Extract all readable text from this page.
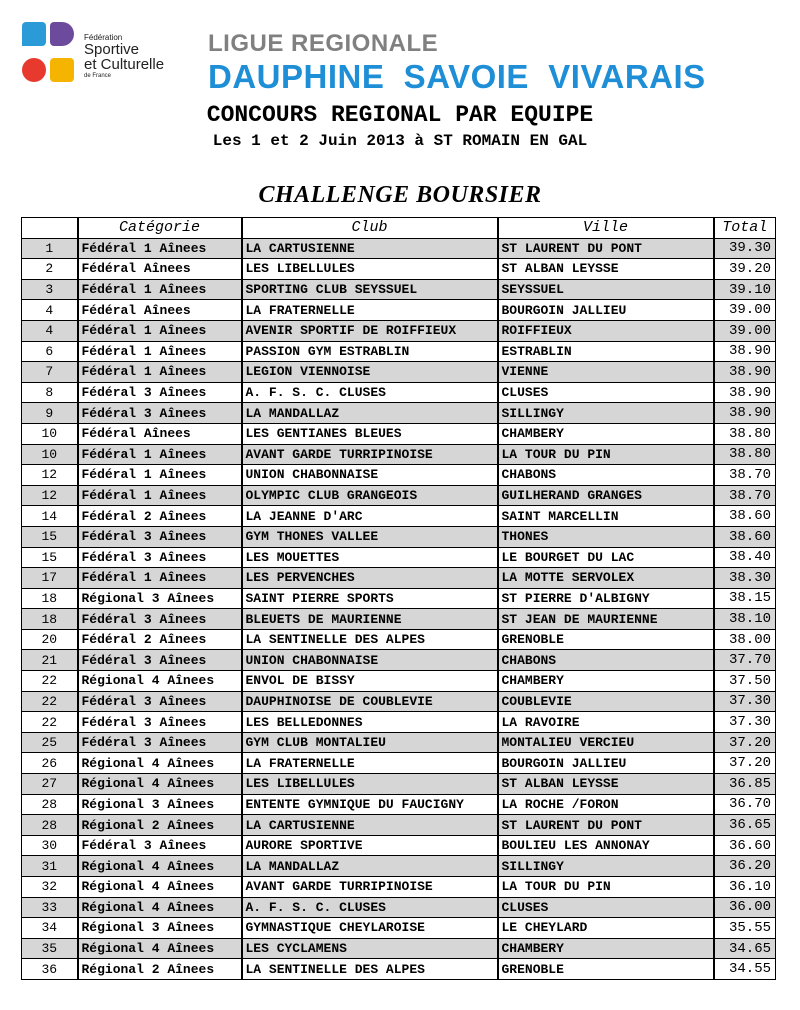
Fédération
Sportive
et Culturelle
de France
LIGUE REGIONALE
DAUPHINE  SAVOIE  VIVARAIS
CONCOURS REGIONAL PAR EQUIPE
Les 1 et 2 Juin 2013 à ST ROMAIN EN GAL
CHALLENGE BOURSIER
	Catégorie	Club	Ville	Total
1	Fédéral 1 Aînees	LA CARTUSIENNE	ST LAURENT DU PONT	39.30
2	Fédéral Aînees	LES LIBELLULES	ST ALBAN LEYSSE	39.20
3	Fédéral 1 Aînees	SPORTING CLUB SEYSSUEL	SEYSSUEL	39.10
4	Fédéral Aînees	LA FRATERNELLE	BOURGOIN JALLIEU	39.00
4	Fédéral 1 Aînees	AVENIR SPORTIF DE ROIFFIEUX	ROIFFIEUX	39.00
6	Fédéral 1 Aînees	PASSION GYM ESTRABLIN	ESTRABLIN	38.90
7	Fédéral 1 Aînees	LEGION VIENNOISE	VIENNE	38.90
8	Fédéral 3 Aînees	A. F. S. C. CLUSES	CLUSES	38.90
9	Fédéral 3 Aînees	LA MANDALLAZ	SILLINGY	38.90
10	Fédéral Aînees	LES GENTIANES BLEUES	CHAMBERY	38.80
10	Fédéral 1 Aînees	AVANT GARDE TURRIPINOISE	LA TOUR DU PIN	38.80
12	Fédéral 1 Aînees	UNION CHABONNAISE	CHABONS	38.70
12	Fédéral 1 Aînees	OLYMPIC CLUB GRANGEOIS	GUILHERAND GRANGES	38.70
14	Fédéral 2 Aînees	LA JEANNE D'ARC	SAINT MARCELLIN	38.60
15	Fédéral 3 Aînees	GYM THONES VALLEE	THONES	38.60
15	Fédéral 3 Aînees	LES MOUETTES	LE BOURGET DU LAC	38.40
17	Fédéral 1 Aînees	LES PERVENCHES	LA MOTTE SERVOLEX	38.30
18	Régional 3 Aînees	SAINT PIERRE SPORTS	ST PIERRE D'ALBIGNY	38.15
18	Fédéral 3 Aînees	BLEUETS DE MAURIENNE	ST JEAN DE MAURIENNE	38.10
20	Fédéral 2 Aînees	LA SENTINELLE DES ALPES	GRENOBLE	38.00
21	Fédéral 3 Aînees	UNION CHABONNAISE	CHABONS	37.70
22	Régional 4 Aînees	ENVOL DE BISSY	CHAMBERY	37.50
22	Fédéral 3 Aînees	DAUPHINOISE DE COUBLEVIE	COUBLEVIE	37.30
22	Fédéral 3 Aînees	LES BELLEDONNES	LA RAVOIRE	37.30
25	Fédéral 3 Aînees	GYM CLUB MONTALIEU	MONTALIEU VERCIEU	37.20
26	Régional 4 Aînees	LA FRATERNELLE	BOURGOIN JALLIEU	37.20
27	Régional 4 Aînees	LES LIBELLULES	ST ALBAN LEYSSE	36.85
28	Régional 3 Aînees	ENTENTE GYMNIQUE DU FAUCIGNY	LA ROCHE /FORON	36.70
28	Régional 2 Aînees	LA CARTUSIENNE	ST LAURENT DU PONT	36.65
30	Fédéral 3 Aînees	AURORE SPORTIVE	BOULIEU LES ANNONAY	36.60
31	Régional 4 Aînees	LA MANDALLAZ	SILLINGY	36.20
32	Régional 4 Aînees	AVANT GARDE TURRIPINOISE	LA TOUR DU PIN	36.10
33	Régional 4 Aînees	A. F. S. C. CLUSES	CLUSES	36.00
34	Régional 3 Aînees	GYMNASTIQUE CHEYLAROISE	LE CHEYLARD	35.55
35	Régional 4 Aînees	LES CYCLAMENS	CHAMBERY	34.65
36	Régional 2 Aînees	LA SENTINELLE DES ALPES	GRENOBLE	34.55
